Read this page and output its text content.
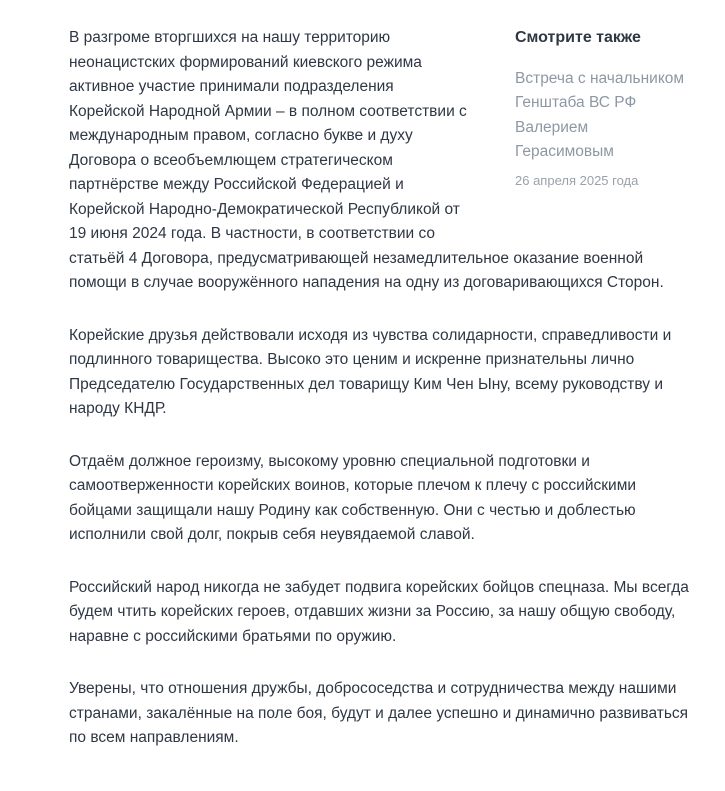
Смотрите также
Встреча с начальником Генштаба ВС РФ Валерием Герасимовым
26 апреля 2025 года

В разгроме вторгшихся на нашу территорию неонацистских формирований киевского режима активное участие принимали подразделения Корейской Народной Армии – в полном соответствии с международным правом, согласно букве и духу Договора о всеобъемлющем стратегическом партнёрстве между Российской Федерацией и Корейской Народно-Демократической Республикой от 19 июня 2024 года. В частности, в соответствии со статьёй 4 Договора, предусматривающей незамедлительное оказание военной помощи в случае вооружённого нападения на одну из договаривающихся Сторон.

Корейские друзья действовали исходя из чувства солидарности, справедливости и подлинного товарищества. Высоко это ценим и искренне признательны лично Председателю Государственных дел товарищу Ким Чен Ыну, всему руководству и народу КНДР.

Отдаём должное героизму, высокому уровню специальной подготовки и самоотверженности корейских воинов, которые плечом к плечу с российскими бойцами защищали нашу Родину как собственную. Они с честью и доблестью исполнили свой долг, покрыв себя неувядаемой славой.

Российский народ никогда не забудет подвига корейских бойцов спецназа. Мы всегда будем чтить корейских героев, отдавших жизни за Россию, за нашу общую свободу, наравне с российскими братьями по оружию.

Уверены, что отношения дружбы, добрососедства и сотрудничества между нашими странами, закалённые на поле боя, будут и далее успешно и динамично развиваться по всем направлениям.
